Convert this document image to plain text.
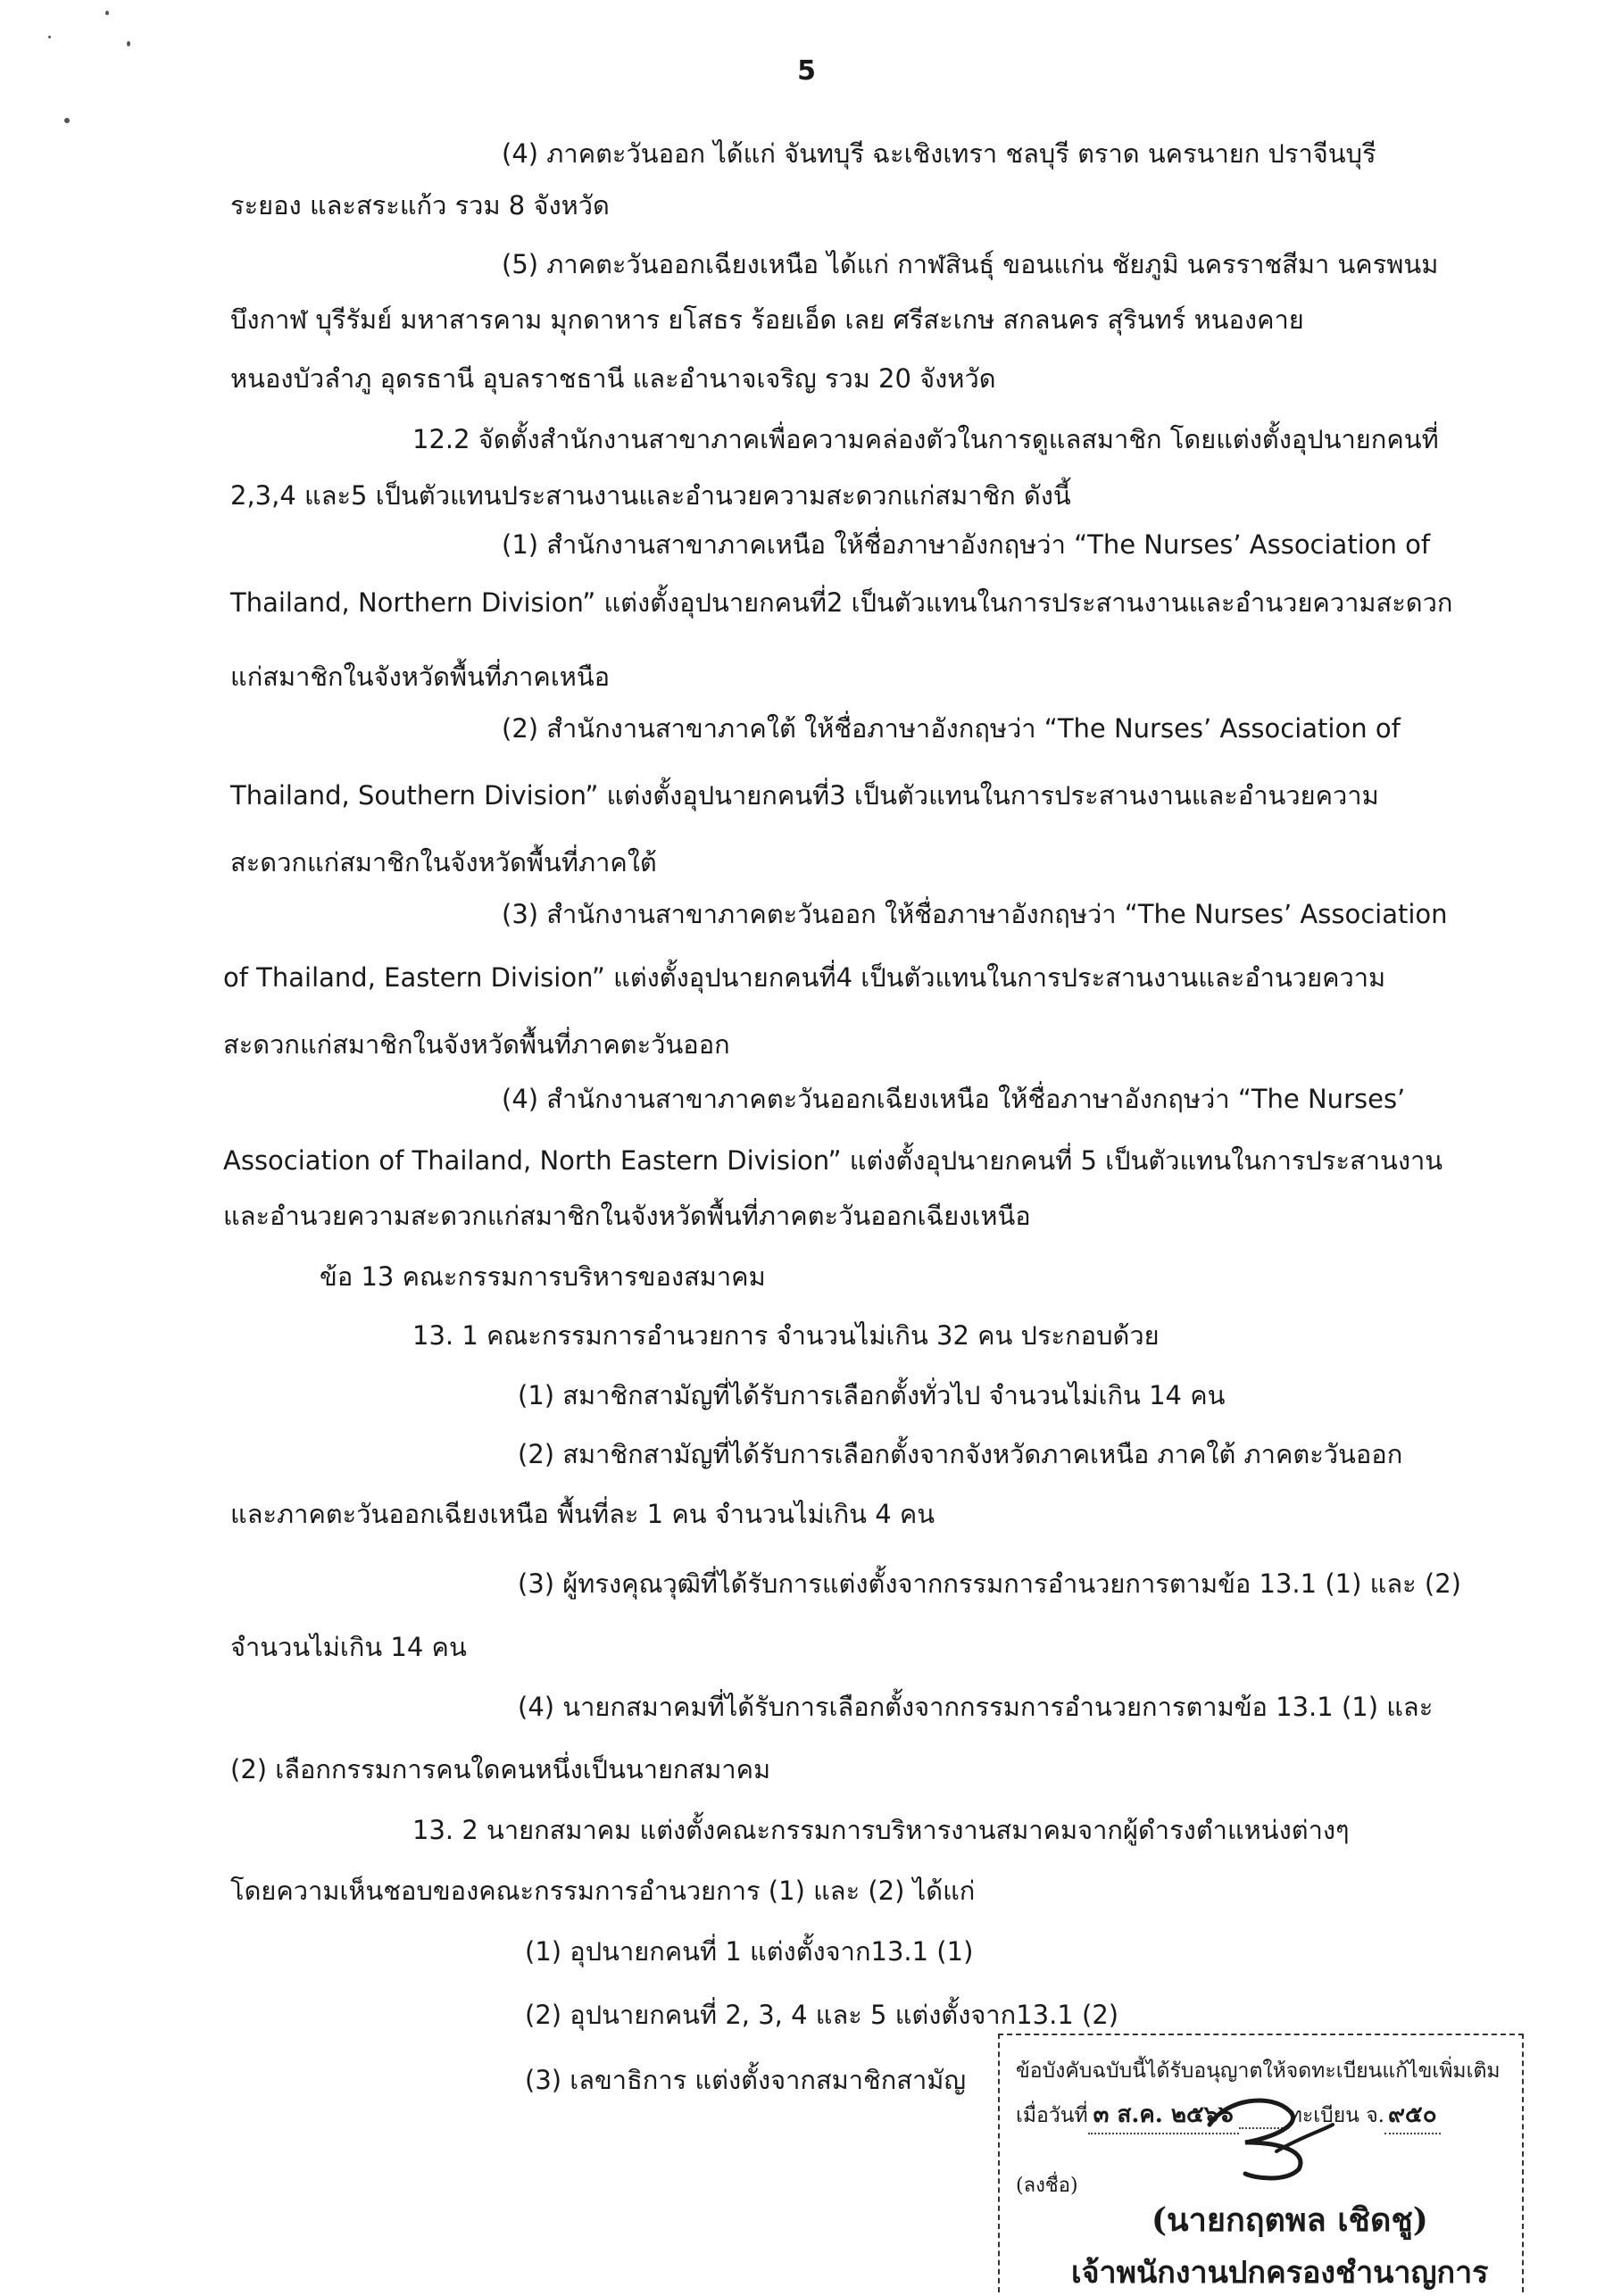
5
(4) ภาคตะวันออก ได้แก่ จันทบุรี ฉะเชิงเทรา ชลบุรี ตราด นครนายก ปราจีนบุรี
ระยอง และสระแก้ว รวม 8 จังหวัด
(5) ภาคตะวันออกเฉียงเหนือ ได้แก่ กาฬสินธุ์ ขอนแก่น ชัยภูมิ นครราชสีมา นครพนม
บึงกาฬ บุรีรัมย์ มหาสารคาม มุกดาหาร ยโสธร ร้อยเอ็ด เลย ศรีสะเกษ สกลนคร สุรินทร์ หนองคาย
หนองบัวลำภู อุดรธานี อุบลราชธานี และอำนาจเจริญ รวม 20 จังหวัด
12.2 จัดตั้งสำนักงานสาขาภาคเพื่อความคล่องตัวในการดูแลสมาชิก โดยแต่งตั้งอุปนายกคนที่
2,3,4 และ5 เป็นตัวแทนประสานงานและอำนวยความสะดวกแก่สมาชิก ดังนี้
(1) สำนักงานสาขาภาคเหนือ ให้ชื่อภาษาอังกฤษว่า “The Nurses’ Association of
Thailand, Northern Division” แต่งตั้งอุปนายกคนที่2 เป็นตัวแทนในการประสานงานและอำนวยความสะดวก
แก่สมาชิกในจังหวัดพื้นที่ภาคเหนือ
(2) สำนักงานสาขาภาคใต้ ให้ชื่อภาษาอังกฤษว่า “The Nurses’ Association of
Thailand, Southern Division” แต่งตั้งอุปนายกคนที่3 เป็นตัวแทนในการประสานงานและอำนวยความ
สะดวกแก่สมาชิกในจังหวัดพื้นที่ภาคใต้
(3) สำนักงานสาขาภาคตะวันออก ให้ชื่อภาษาอังกฤษว่า “The Nurses’ Association
of Thailand, Eastern Division” แต่งตั้งอุปนายกคนที่4 เป็นตัวแทนในการประสานงานและอำนวยความ
สะดวกแก่สมาชิกในจังหวัดพื้นที่ภาคตะวันออก
(4) สำนักงานสาขาภาคตะวันออกเฉียงเหนือ ให้ชื่อภาษาอังกฤษว่า “The Nurses’
Association of Thailand, North Eastern Division” แต่งตั้งอุปนายกคนที่ 5 เป็นตัวแทนในการประสานงาน
และอำนวยความสะดวกแก่สมาชิกในจังหวัดพื้นที่ภาคตะวันออกเฉียงเหนือ
ข้อ 13 คณะกรรมการบริหารของสมาคม
13. 1 คณะกรรมการอำนวยการ จำนวนไม่เกิน 32 คน ประกอบด้วย
(1) สมาชิกสามัญที่ได้รับการเลือกตั้งทั่วไป จำนวนไม่เกิน 14 คน
(2) สมาชิกสามัญที่ได้รับการเลือกตั้งจากจังหวัดภาคเหนือ ภาคใต้ ภาคตะวันออก
และภาคตะวันออกเฉียงเหนือ พื้นที่ละ 1 คน จำนวนไม่เกิน 4 คน
(3) ผู้ทรงคุณวุฒิที่ได้รับการแต่งตั้งจากกรรมการอำนวยการตามข้อ 13.1 (1) และ (2)
จำนวนไม่เกิน 14 คน
(4) นายกสมาคมที่ได้รับการเลือกตั้งจากกรรมการอำนวยการตามข้อ 13.1 (1) และ
(2) เลือกกรรมการคนใดคนหนึ่งเป็นนายกสมาคม
13. 2 นายกสมาคม แต่งตั้งคณะกรรมการบริหารงานสมาคมจากผู้ดำรงตำแหน่งต่างๆ
โดยความเห็นชอบของคณะกรรมการอำนวยการ (1) และ (2) ได้แก่
(1) อุปนายกคนที่ 1 แต่งตั้งจาก13.1 (1)
(2) อุปนายกคนที่ 2, 3, 4 และ 5 แต่งตั้งจาก13.1 (2)
(3) เลขาธิการ แต่งตั้งจากสมาชิกสามัญ ข้อบังคับฉบับนี้ได้รับอนุญาตให้จดทะเบียนแก้ไขเพิ่มเติม
เมื่อวันที่ ๓ ส.ค. ๒๕๖๖	ทะเบียน จ. ๙๕๐
(ลงชื่อ)
(นายกฤตพล เชิดชู)
เจ้าพนักงานปกครองชำนาญการ
